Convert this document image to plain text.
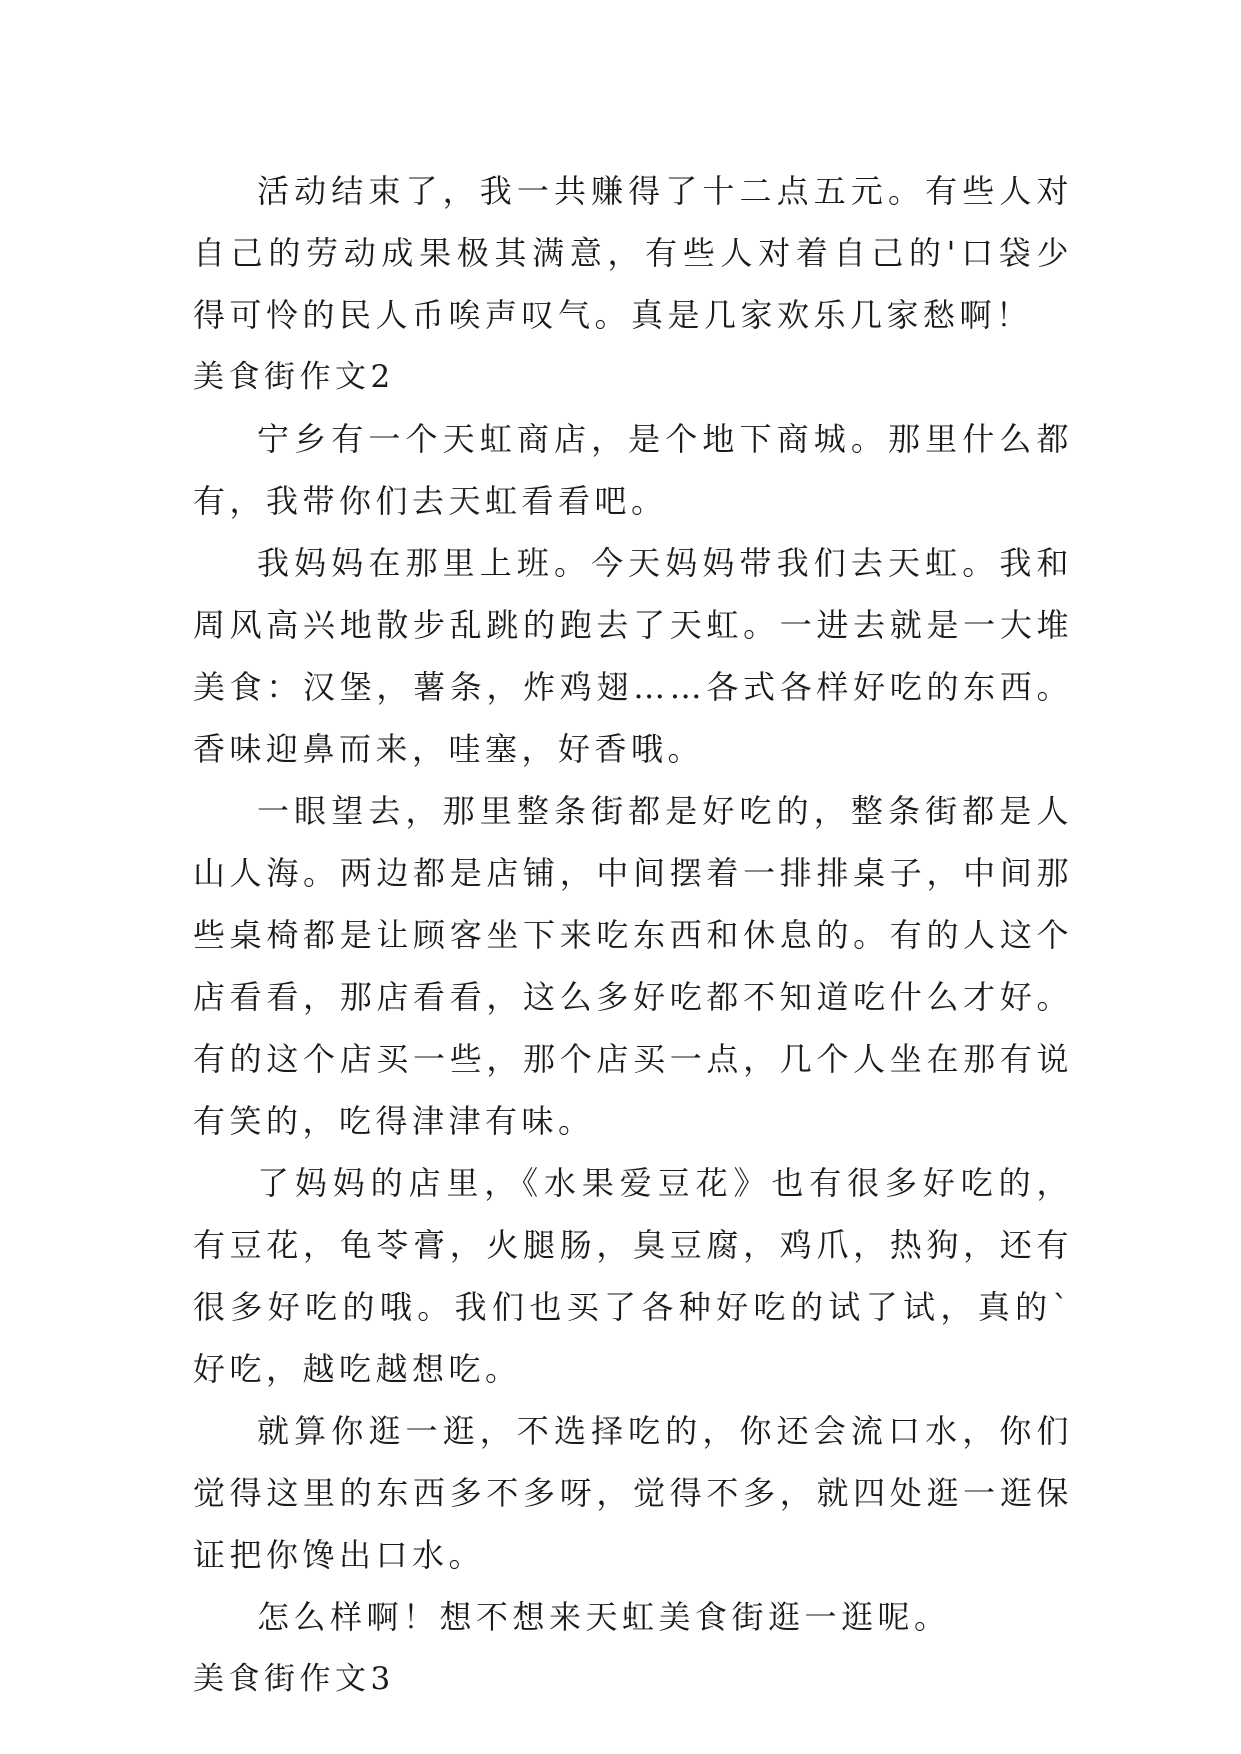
活动结束了，我一共赚得了十二点五元。有些人对自己的劳动成果极其满意，有些人对着自己的'口袋少得可怜的民人币唉声叹气。真是几家欢乐几家愁啊！

美食街作文2

宁乡有一个天虹商店，是个地下商城。那里什么都有，我带你们去天虹看看吧。

我妈妈在那里上班。今天妈妈带我们去天虹。我和周风高兴地散步乱跳的跑去了天虹。一进去就是一大堆美食：汉堡，薯条，炸鸡翅……各式各样好吃的东西。香味迎鼻而来，哇塞，好香哦。

一眼望去，那里整条街都是好吃的，整条街都是人山人海。两边都是店铺，中间摆着一排排桌子，中间那些桌椅都是让顾客坐下来吃东西和休息的。有的人这个店看看，那店看看，这么多好吃都不知道吃什么才好。有的这个店买一些，那个店买一点，几个人坐在那有说有笑的，吃得津津有味。

了妈妈的店里，《水果爱豆花》也有很多好吃的，有豆花，龟苓膏，火腿肠，臭豆腐，鸡爪，热狗，还有很多好吃的哦。我们也买了各种好吃的试了试，真的`好吃，越吃越想吃。

就算你逛一逛，不选择吃的，你还会流口水，你们觉得这里的东西多不多呀，觉得不多，就四处逛一逛保证把你馋出口水。

怎么样啊！想不想来天虹美食街逛一逛呢。

美食街作文3
